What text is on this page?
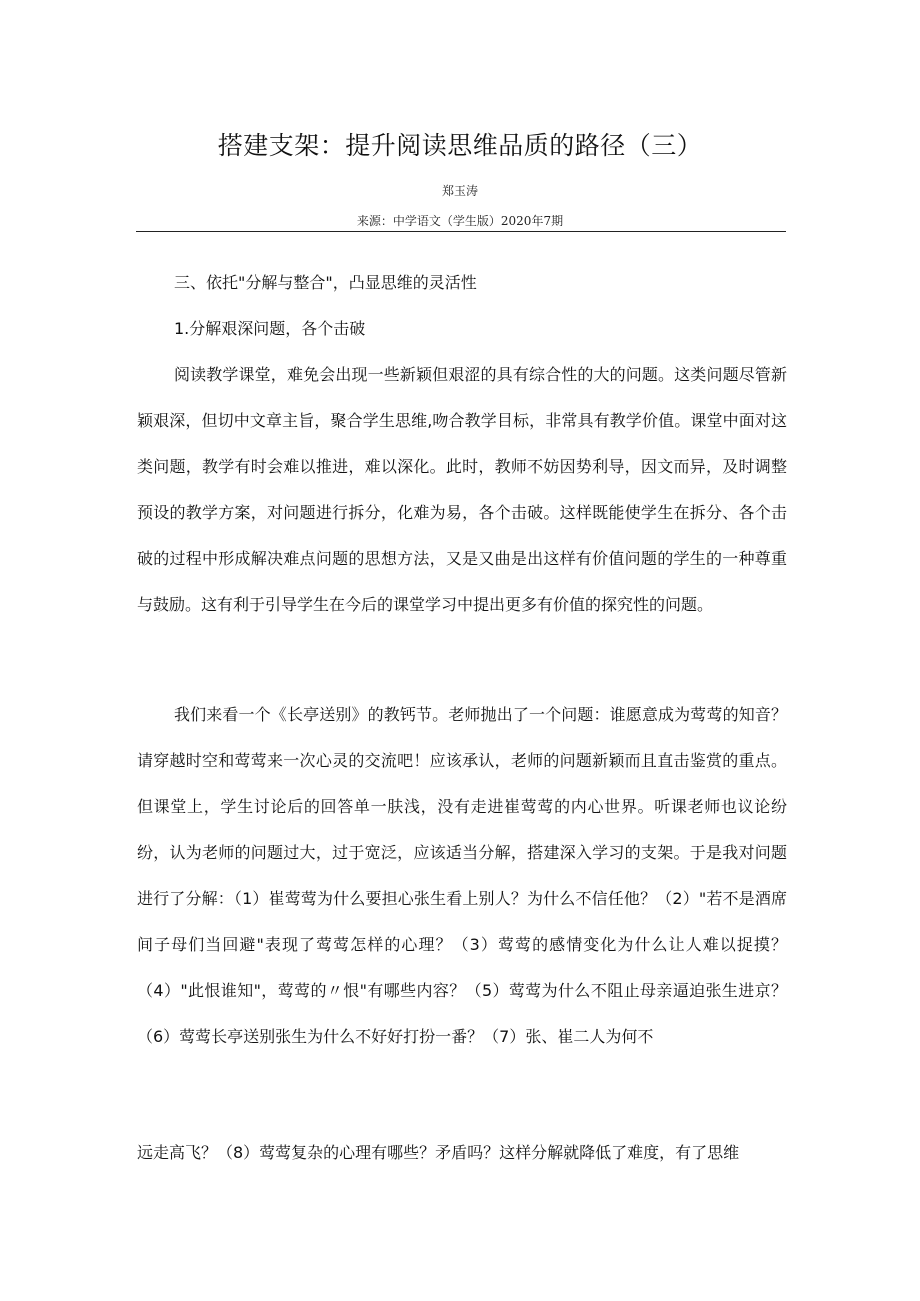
搭建支架：提升阅读思维品质的路径（三）
郑玉涛
来源：中学语文（学生版）2020年7期

三、依托"分解与整合"，凸显思维的灵活性

1.分解艰深问题，各个击破

阅读教学课堂，难免会出现一些新颖但艰涩的具有综合性的大的问题。这类问题尽管新颖艰深，但切中文章主旨，聚合学生思维,吻合教学目标，非常具有教学价值。课堂中面对这类问题，教学有时会难以推进，难以深化。此时，教师不妨因势利导，因文而异，及时调整预设的教学方案，对问题进行拆分，化难为易，各个击破。这样既能使学生在拆分、各个击破的过程中形成解决难点问题的思想方法，又是又曲是出这样有价值问题的学生的一种尊重与鼓励。这有利于引导学生在今后的课堂学习中提出更多有价值的探究性的问题。

我们来看一个《长亭送别》的教钙节。老师抛出了一个问题：谁愿意成为莺莺的知音？请穿越时空和莺莺来一次心灵的交流吧！应该承认，老师的问题新颖而且直击鉴赏的重点。但课堂上，学生讨论后的回答单一肤浅，没有走进崔莺莺的内心世界。听课老师也议论纷纷，认为老师的问题过大，过于宽泛，应该适当分解，搭建深入学习的支架。于是我对问题进行了分解：（1）崔莺莺为什么要担心张生看上别人？为什么不信任他？（2）"若不是酒席间子母们当回避"表现了莺莺怎样的心理？（3）莺莺的感情变化为什么让人难以捉摸？（4）"此恨谁知"，莺莺的〃恨"有哪些内容？（5）莺莺为什么不阻止母亲逼迫张生进京？（6）莺莺长亭送别张生为什么不好好打扮一番？（7）张、崔二人为何不

远走高飞？（8）莺莺复杂的心理有哪些？矛盾吗？这样分解就降低了难度，有了思维
